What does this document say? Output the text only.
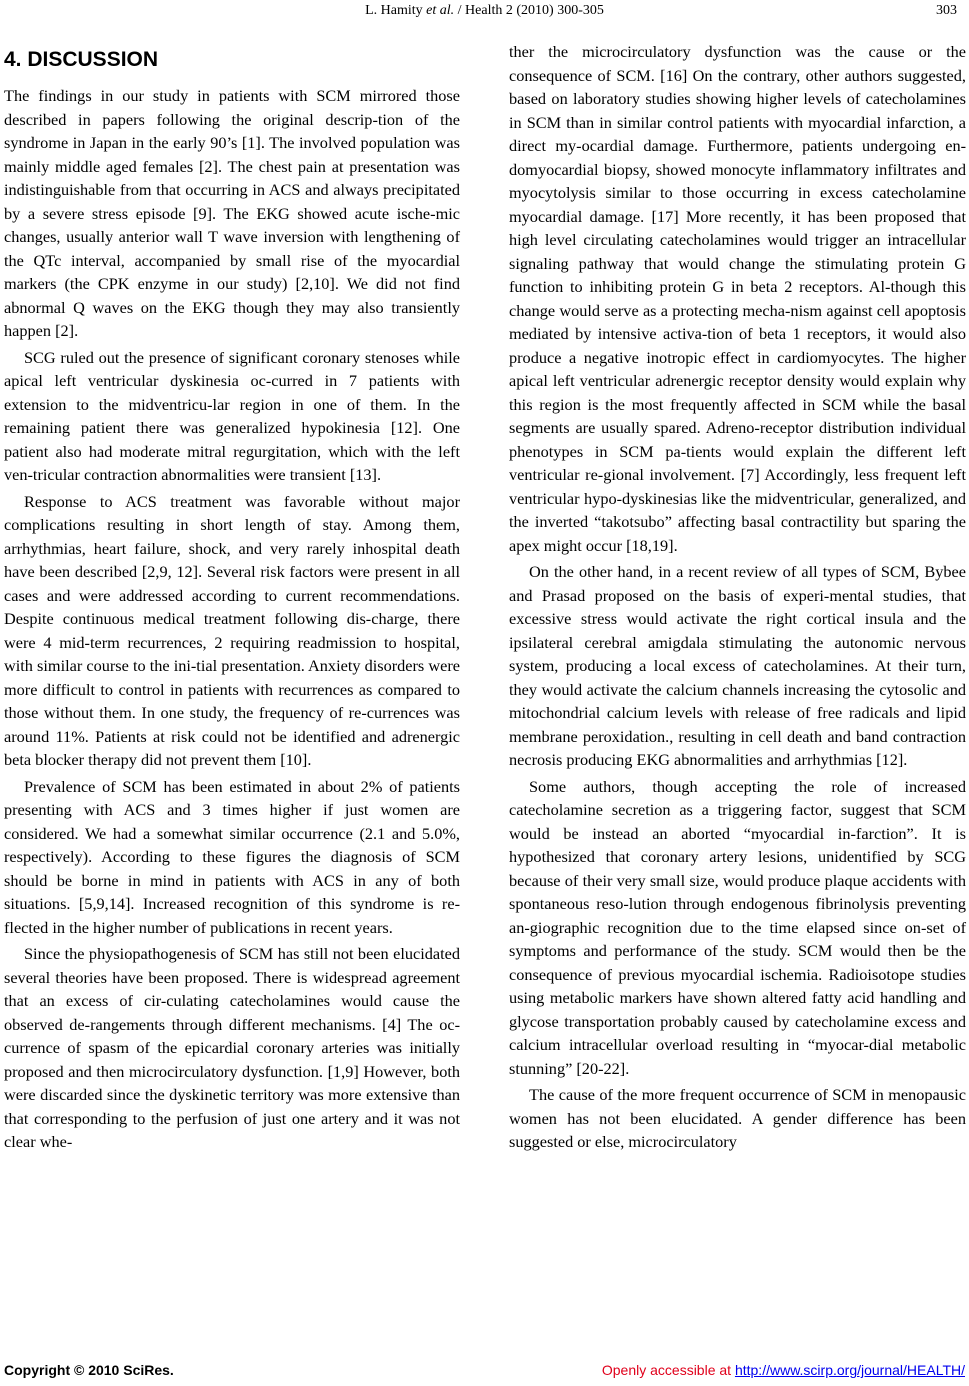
L. Hamity et al. / Health 2 (2010) 300-305	303
4. DISCUSSION

The findings in our study in patients with SCM mirrored those described in papers following the original descrip-tion of the syndrome in Japan in the early 90’s [1]. The involved population was mainly middle aged females [2]. The chest pain at presentation was indistinguishable from that occurring in ACS and always precipitated by a severe stress episode [9]. The EKG showed acute ische-mic changes, usually anterior wall T wave inversion with lengthening of the QTc interval, accompanied by small rise of the myocardial markers (the CPK enzyme in our study) [2,10]. We did not find abnormal Q waves on the EKG though they may also transiently happen [2].

SCG ruled out the presence of significant coronary stenoses while apical left ventricular dyskinesia oc-curred in 7 patients with extension to the midventricu-lar region in one of them. In the remaining patient there was generalized hypokinesia [12]. One patient also had moderate mitral regurgitation, which with the left ven-tricular contraction abnormalities were transient [13].

Response to ACS treatment was favorable without major complications resulting in short length of stay. Among them, arrhythmias, heart failure, shock, and very rarely inhospital death have been described [2,9, 12]. Several risk factors were present in all cases and were addressed according to current recommendations. Despite continuous medical treatment following dis-charge, there were 4 mid-term recurrences, 2 requiring readmission to hospital, with similar course to the ini-tial presentation. Anxiety disorders were more difficult to control in patients with recurrences as compared to those without them. In one study, the frequency of re-currences was around 11%. Patients at risk could not be identified and adrenergic beta blocker therapy did not prevent them [10].

Prevalence of SCM has been estimated in about 2% of patients presenting with ACS and 3 times higher if just women are considered. We had a somewhat similar occurrence (2.1 and 5.0%, respectively). According to these figures the diagnosis of SCM should be borne in mind in patients with ACS in any of both situations. [5,9,14]. Increased recognition of this syndrome is re-flected in the higher number of publications in recent years.

Since the physiopathogenesis of SCM has still not been elucidated several theories have been proposed. There is widespread agreement that an excess of cir-culating catecholamines would cause the observed de-rangements through different mechanisms. [4] The oc-currence of spasm of the epicardial coronary arteries was initially proposed and then microcirculatory dysfunction. [1,9] However, both were discarded since the dyskinetic territory was more extensive than that corresponding to the perfusion of just one artery and it was not clear whe-

ther the microcirculatory dysfunction was the cause or the consequence of SCM. [16] On the contrary, other authors suggested, based on laboratory studies showing higher levels of catecholamines in SCM than in similar control patients with myocardial infarction, a direct my-ocardial damage. Furthermore, patients undergoing en-domyocardial biopsy, showed monocyte inflammatory infiltrates and myocytolysis similar to those occurring in excess catecholamine myocardial damage. [17] More recently, it has been proposed that high level circulating catecholamines would trigger an intracellular signaling pathway that would change the stimulating protein G function to inhibiting protein G in beta 2 receptors. Al-though this change would serve as a protecting mecha-nism against cell apoptosis mediated by intensive activa-tion of beta 1 receptors, it would also produce a negative inotropic effect in cardiomyocytes. The higher apical left ventricular adrenergic receptor density would explain why this region is the most frequently affected in SCM while the basal segments are usually spared. Adreno-receptor distribution individual phenotypes in SCM pa-tients would explain the different left ventricular re-gional involvement. [7] Accordingly, less frequent left ventricular hypo-dyskinesias like the midventricular, generalized, and the inverted “takotsubo” affecting basal contractility but sparing the apex might occur [18,19].

On the other hand, in a recent review of all types of SCM, Bybee and Prasad proposed on the basis of experi-mental studies, that excessive stress would activate the right cortical insula and the ipsilateral cerebral amigdala stimulating the autonomic nervous system, producing a local excess of catecholamines. At their turn, they would activate the calcium channels increasing the cytosolic and mitochondrial calcium levels with release of free radicals and lipid membrane peroxidation., resulting in cell death and band contraction necrosis producing EKG abnormalities and arrhythmias [12].

Some authors, though accepting the role of increased catecholamine secretion as a triggering factor, suggest that SCM would be instead an aborted “myocardial in-farction”. It is hypothesized that coronary artery lesions, unidentified by SCG because of their very small size, would produce plaque accidents with spontaneous reso-lution through endogenous fibrinolysis preventing an-giographic recognition due to the time elapsed since on-set of symptoms and performance of the study. SCM would then be the consequence of previous myocardial ischemia. Radioisotope studies using metabolic markers have shown altered fatty acid handling and glycose transportation probably caused by catecholamine excess and calcium intracellular overload resulting in “myocar-dial metabolic stunning” [20-22].

The cause of the more frequent occurrence of SCM in menopausic women has not been elucidated. A gender difference has been suggested or else, microcirculatory

Copyright © 2010 SciRes.	Openly accessible at http://www.scirp.org/journal/HEALTH/
